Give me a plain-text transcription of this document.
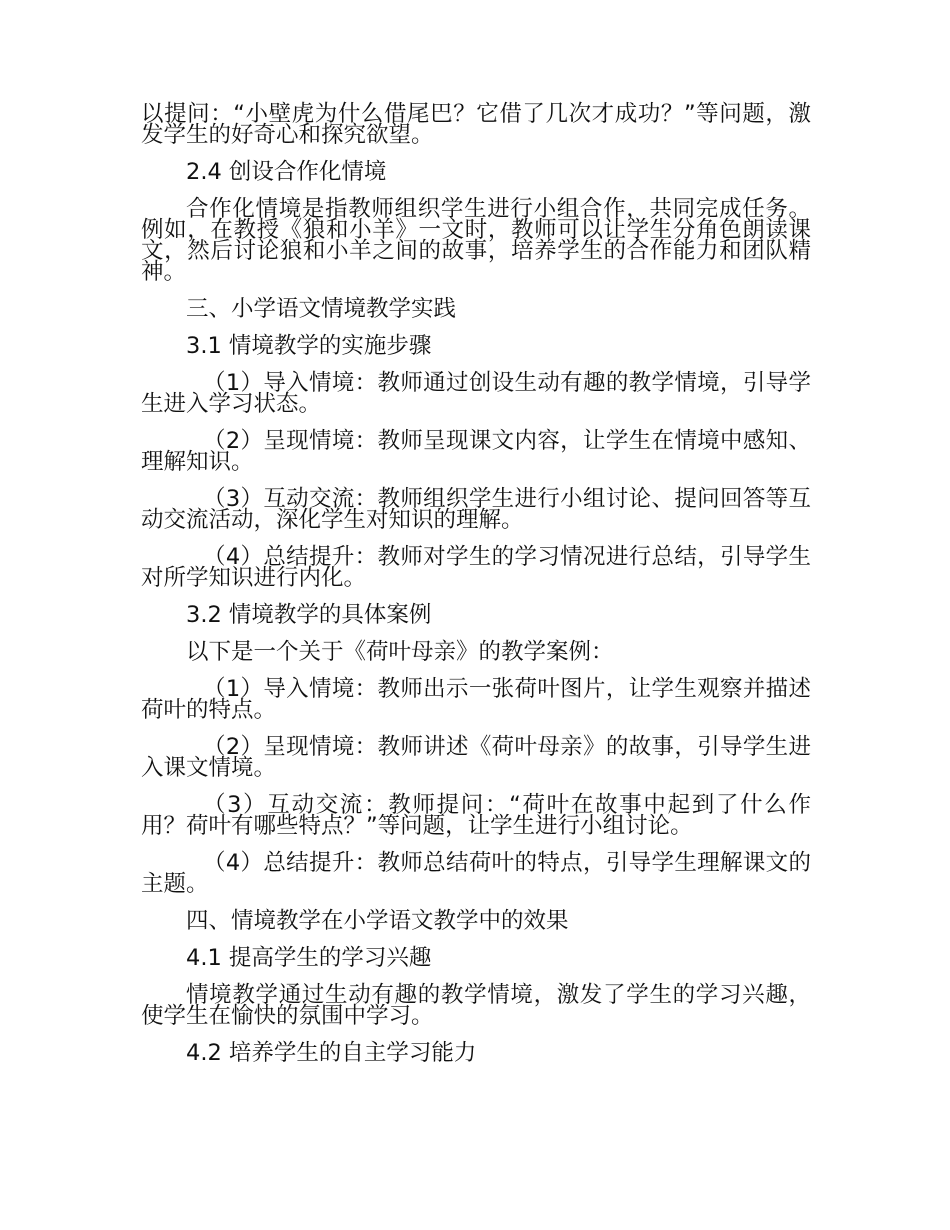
以提问：“小壁虎为什么借尾巴？它借了几次才成功？”等问题，激发学生的好奇心和探究欲望。

2.4 创设合作化情境

合作化情境是指教师组织学生进行小组合作，共同完成任务。例如，在教授《狼和小羊》一文时，教师可以让学生分角色朗读课文，然后讨论狼和小羊之间的故事，培养学生的合作能力和团队精神。

三、小学语文情境教学实践

3.1 情境教学的实施步骤

（1）导入情境：教师通过创设生动有趣的教学情境，引导学生进入学习状态。

（2）呈现情境：教师呈现课文内容，让学生在情境中感知、理解知识。

（3）互动交流：教师组织学生进行小组讨论、提问回答等互动交流活动，深化学生对知识的理解。

（4）总结提升：教师对学生的学习情况进行总结，引导学生对所学知识进行内化。

3.2 情境教学的具体案例

以下是一个关于《荷叶母亲》的教学案例：

（1）导入情境：教师出示一张荷叶图片，让学生观察并描述荷叶的特点。

（2）呈现情境：教师讲述《荷叶母亲》的故事，引导学生进入课文情境。

（3）互动交流：教师提问：“荷叶在故事中起到了什么作用？荷叶有哪些特点？”等问题，让学生进行小组讨论。

（4）总结提升：教师总结荷叶的特点，引导学生理解课文的主题。

四、情境教学在小学语文教学中的效果

4.1 提高学生的学习兴趣

情境教学通过生动有趣的教学情境，激发了学生的学习兴趣，使学生在愉快的氛围中学习。

4.2 培养学生的自主学习能力
